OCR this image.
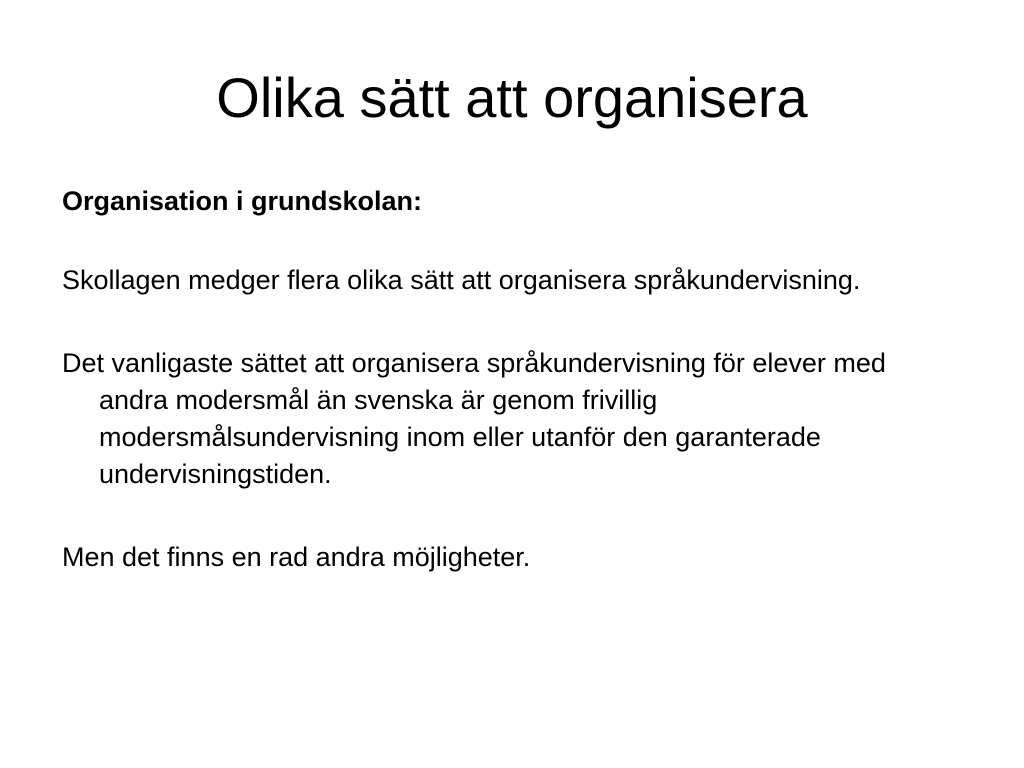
Olika sätt att organisera

Organisation i grundskolan:

Skollagen medger flera olika sätt att organisera språkundervisning.

Det vanligaste sättet att organisera språkundervisning för elever med andra modersmål än svenska är genom frivillig modersmålsundervisning inom eller utanför den garanterade undervisningstiden.

Men det finns en rad andra möjligheter.
